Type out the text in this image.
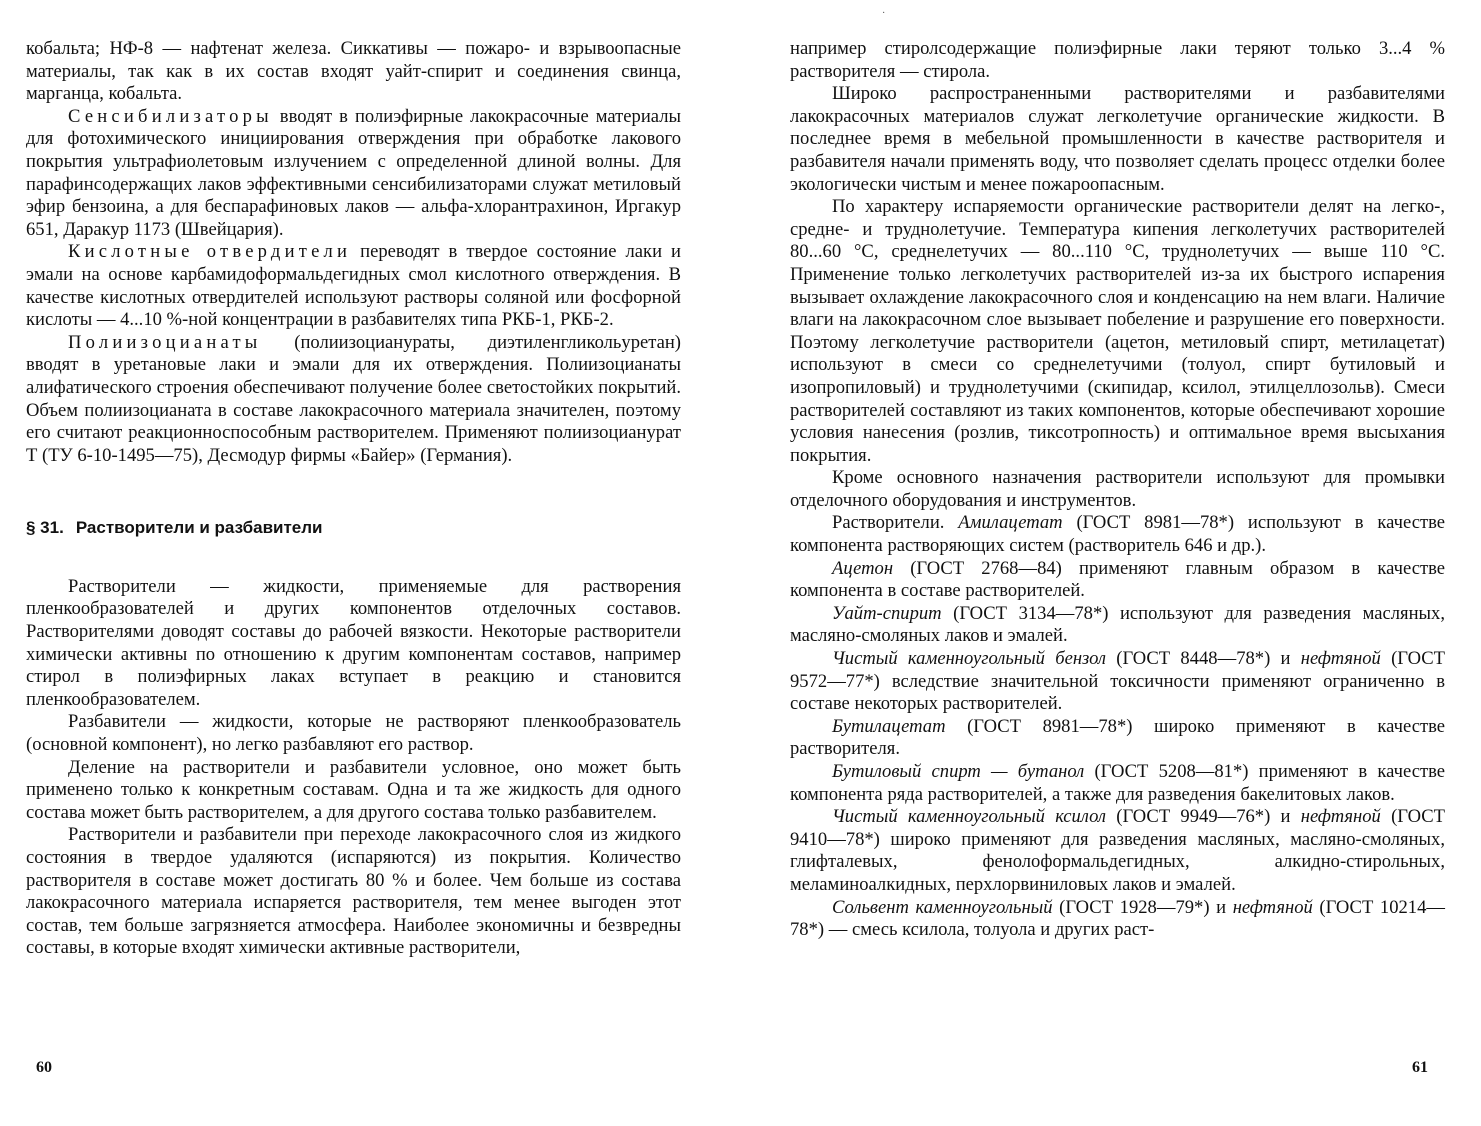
·

кобальта; НФ-8 — нафтенат железа. Сиккативы — пожаро- и взрывоопасные материалы, так как в их состав входят уайт-спирит и соединения свинца, марганца, кобальта.

Сенсибилизаторы вводят в полиэфирные лакокрасочные материалы для фотохимического инициирования отверждения при обработке лакового покрытия ультрафиолетовым излучением с определенной длиной волны. Для парафинсодержащих лаков эффективными сенсибилизаторами служат метиловый эфир бензоина, а для беспарафиновых лаков — альфа-хлорантрахинон, Иргакур 651, Даракур 1173 (Швейцария).

Кислотные отвердители переводят в твердое состояние лаки и эмали на основе карбамидоформальдегидных смол кислотного отверждения. В качестве кислотных отвердителей используют растворы соляной или фосфорной кислоты — 4...10 %-ной концентрации в разбавителях типа РКБ-1, РКБ-2.

Полиизоцианаты (полиизоцианураты, диэтиленгликольуретан) вводят в уретановые лаки и эмали для их отверждения. Полиизоцианаты алифатического строения обеспечивают получение более светостойких покрытий. Объем полиизоцианата в составе лакокрасочного материала значителен, поэтому его считают реакционноспособным растворителем. Применяют полиизоцианурат Т (ТУ 6-10-1495—75), Десмодур фирмы «Байер» (Германия).

§ 31. Растворители и разбавители

Растворители — жидкости, применяемые для растворения пленкообразователей и других компонентов отделочных составов. Растворителями доводят составы до рабочей вязкости. Некоторые растворители химически активны по отношению к другим компонентам составов, например стирол в полиэфирных лаках вступает в реакцию и становится пленкообразователем.

Разбавители — жидкости, которые не растворяют пленкообразователь (основной компонент), но легко разбавляют его раствор.

Деление на растворители и разбавители условное, оно может быть применено только к конкретным составам. Одна и та же жидкость для одного состава может быть растворителем, а для другого состава только разбавителем.

Растворители и разбавители при переходе лакокрасочного слоя из жидкого состояния в твердое удаляются (испаряются) из покрытия. Количество растворителя в составе может достигать 80 % и более. Чем больше из состава лакокрасочного материала испаряется растворителя, тем менее выгоден этот состав, тем больше загрязняется атмосфера. Наиболее экономичны и безвредны составы, в которые входят химически активные растворители,

например стиролсодержащие полиэфирные лаки теряют только 3...4 % растворителя — стирола.

Широко распространенными растворителями и разбавителями лакокрасочных материалов служат легколетучие органические жидкости. В последнее время в мебельной промышленности в качестве растворителя и разбавителя начали применять воду, что позволяет сделать процесс отделки более экологически чистым и менее пожароопасным.

По характеру испаряемости органические растворители делят на легко-, средне- и труднолетучие. Температура кипения легколетучих растворителей 80...60 °С, среднелетучих — 80...110 °С, труднолетучих — выше 110 °С. Применение только легколетучих растворителей из-за их быстрого испарения вызывает охлаждение лакокрасочного слоя и конденсацию на нем влаги. Наличие влаги на лакокрасочном слое вызывает побеление и разрушение его поверхности. Поэтому легколетучие растворители (ацетон, метиловый спирт, метилацетат) используют в смеси со среднелетучими (толуол, спирт бутиловый и изопропиловый) и труднолетучими (скипидар, ксилол, этилцеллозольв). Смеси растворителей составляют из таких компонентов, которые обеспечивают хорошие условия нанесения (розлив, тиксотропность) и оптимальное время высыхания покрытия.

Кроме основного назначения растворители используют для промывки отделочного оборудования и инструментов.

Растворители. Амилацетат (ГОСТ 8981—78*) используют в качестве компонента растворяющих систем (растворитель 646 и др.).

Ацетон (ГОСТ 2768—84) применяют главным образом в качестве компонента в составе растворителей.

Уайт-спирит (ГОСТ 3134—78*) используют для разведения масляных, масляно-смоляных лаков и эмалей.

Чистый каменноугольный бензол (ГОСТ 8448—78*) и нефтяной (ГОСТ 9572—77*) вследствие значительной токсичности применяют ограниченно в составе некоторых растворителей.

Бутилацетат (ГОСТ 8981—78*) широко применяют в качестве растворителя.

Бутиловый спирт — бутанол (ГОСТ 5208—81*) применяют в качестве компонента ряда растворителей, а также для разведения бакелитовых лаков.

Чистый каменноугольный ксилол (ГОСТ 9949—76*) и нефтяной (ГОСТ 9410—78*) широко применяют для разведения масляных, масляно-смоляных, глифталевых, фенолоформальдегидных, алкидно-стирольных, меламиноалкидных, перхлорвиниловых лаков и эмалей.

Сольвент каменноугольный (ГОСТ 1928—79*) и нефтяной (ГОСТ 10214—78*) — смесь ксилола, толуола и других раст-

60	61
